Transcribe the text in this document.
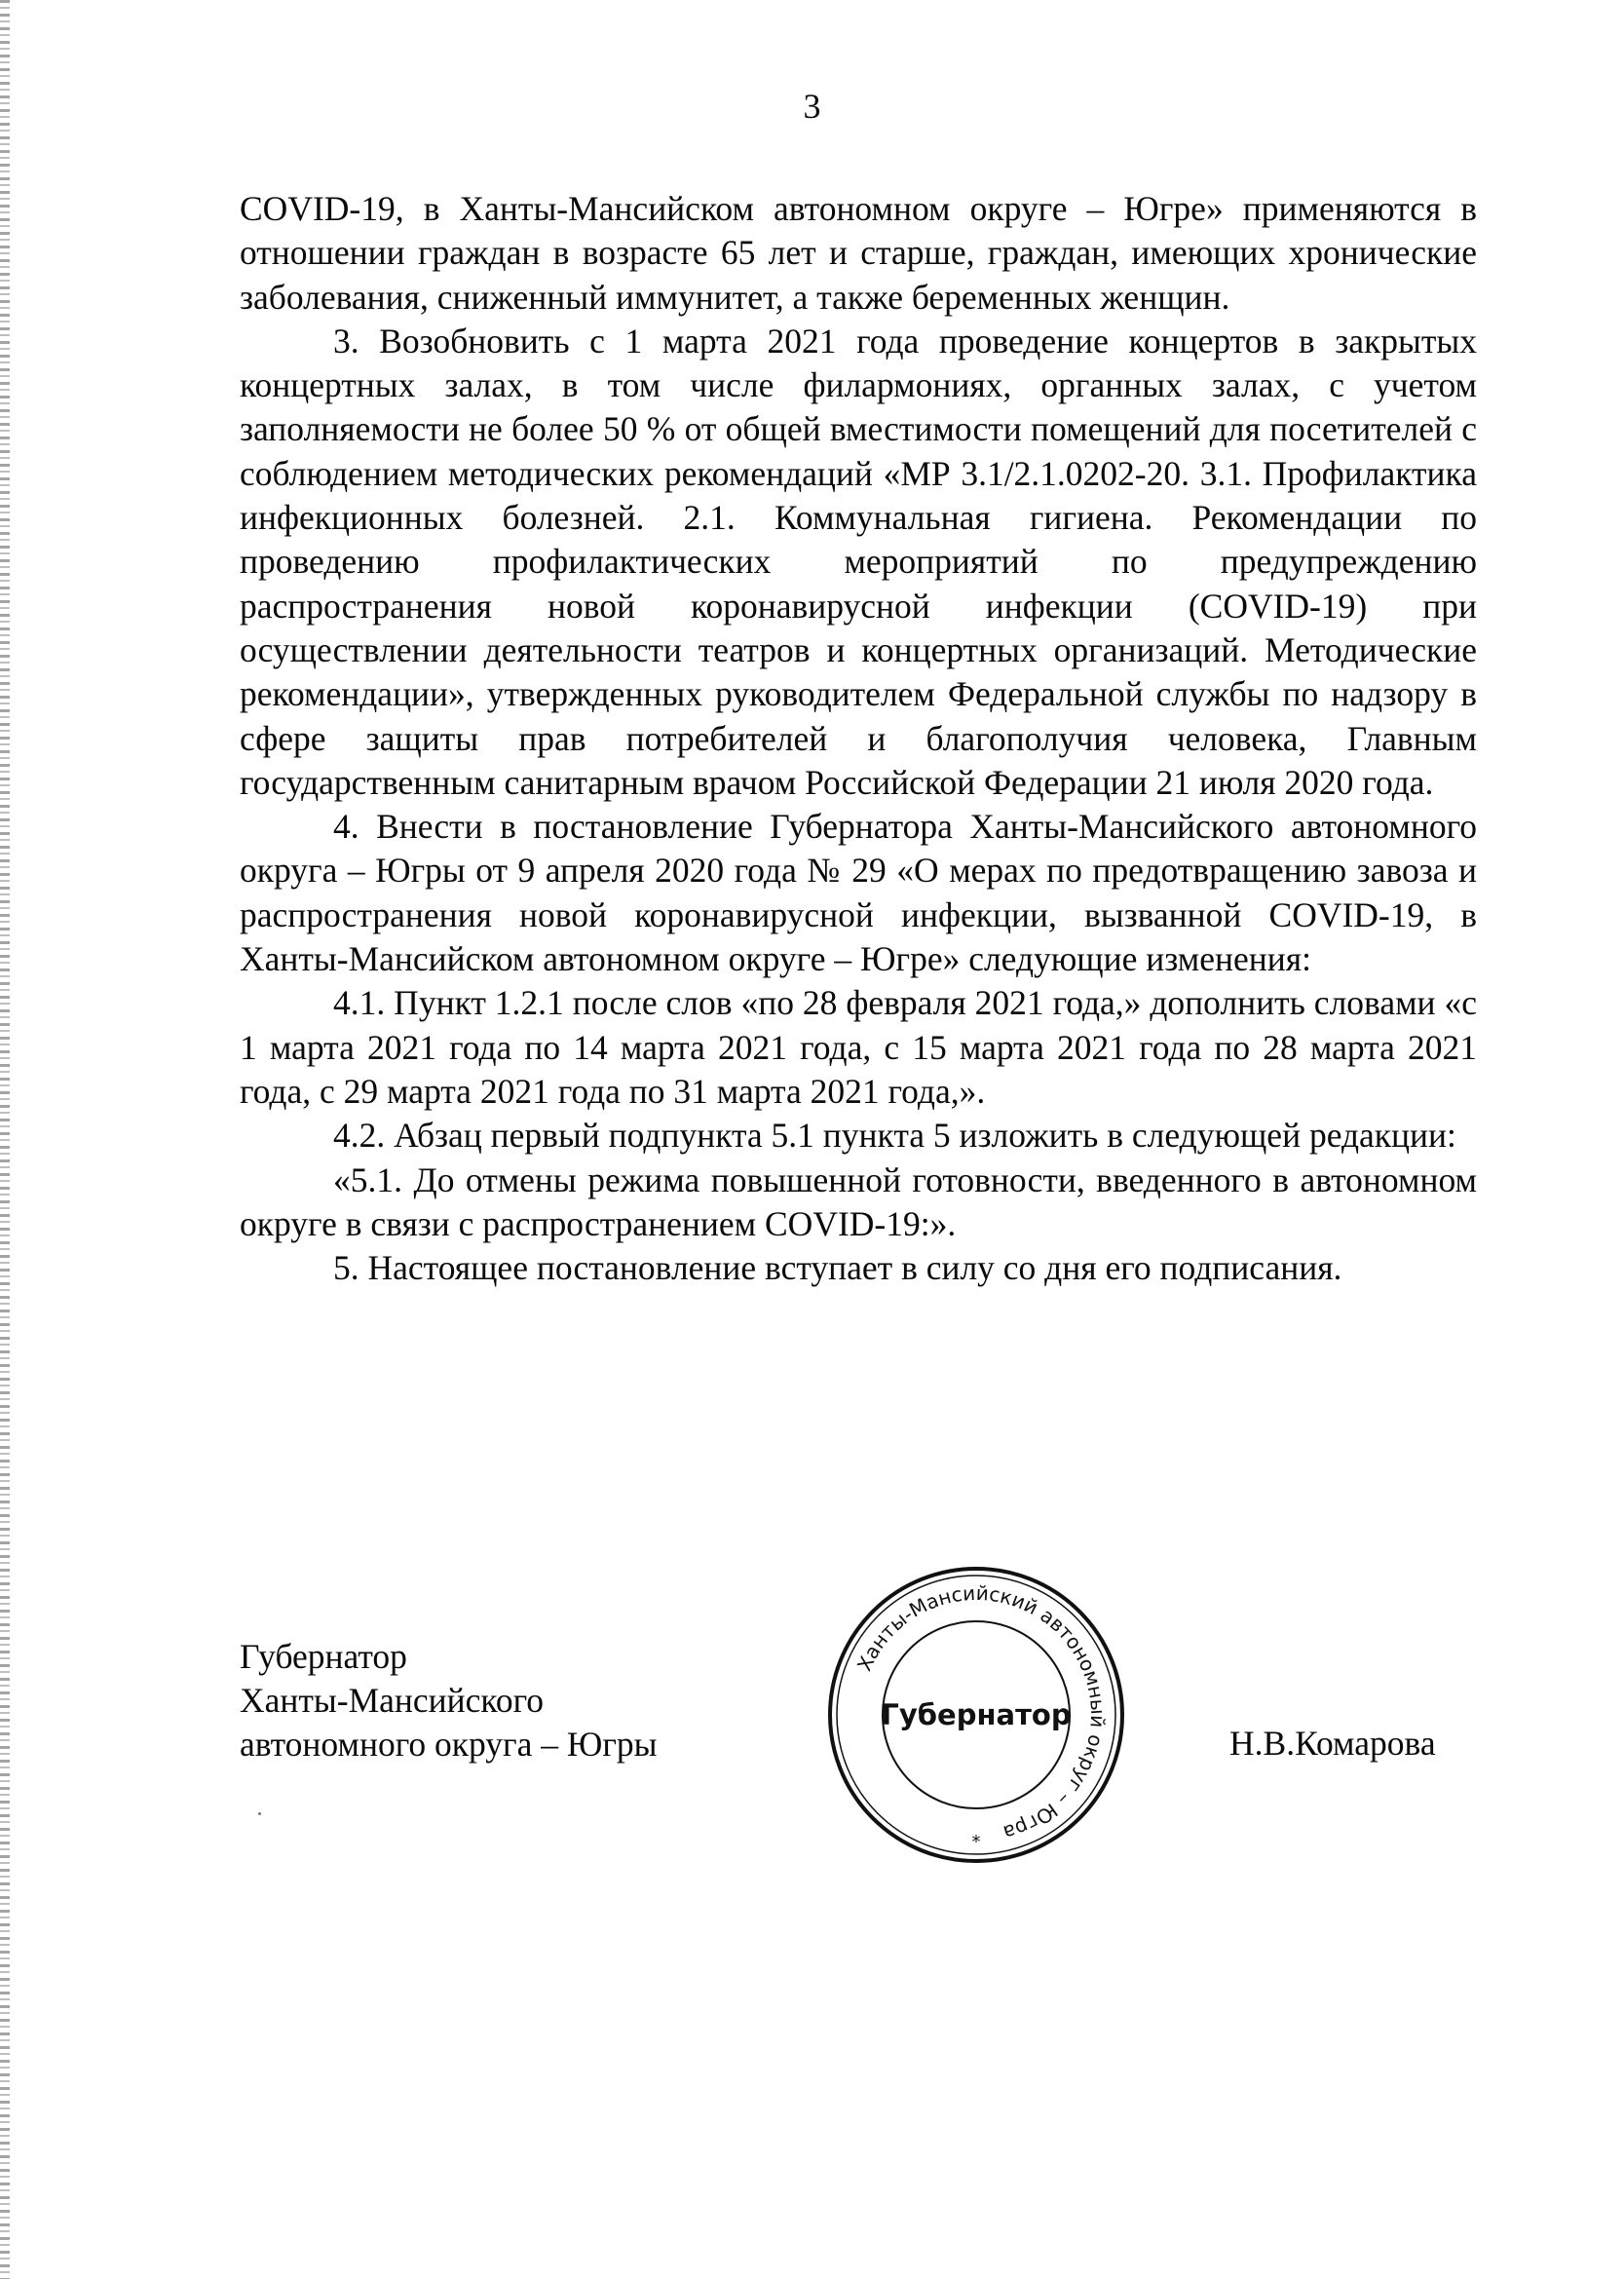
3

COVID-19, в Ханты-Мансийском автономном округе – Югре» применяются в отношении граждан в возрасте 65 лет и старше, граждан, имеющих хронические заболевания, сниженный иммунитет, а также беременных женщин.

3. Возобновить с 1 марта 2021 года проведение концертов в закрытых концертных залах, в том числе филармониях, органных залах, с учетом заполняемости не более 50 % от общей вместимости помещений для посетителей с соблюдением методических рекомендаций «МР 3.1/2.1.0202-20. 3.1. Профилактика инфекционных болезней. 2.1. Коммунальная гигиена. Рекомендации по проведению профилактических мероприятий по предупреждению распространения новой коронавирусной инфекции (COVID-19) при осуществлении деятельности театров и концертных организаций. Методические рекомендации», утвержденных руководителем Федеральной службы по надзору в сфере защиты прав потребителей и благополучия человека, Главным государственным санитарным врачом Российской Федерации 21 июля 2020 года.

4. Внести в постановление Губернатора Ханты-Мансийского автономного округа – Югры от 9 апреля 2020 года № 29 «О мерах по предотвращению завоза и распространения новой коронавирусной инфекции, вызванной COVID-19, в Ханты-Мансийском автономном округе – Югре» следующие изменения:

4.1. Пункт 1.2.1 после слов «по 28 февраля 2021 года,» дополнить словами «с 1 марта 2021 года по 14 марта 2021 года, с 15 марта 2021 года по 28 марта 2021 года, с 29 марта 2021 года по 31 марта 2021 года,».

4.2. Абзац первый подпункта 5.1 пункта 5 изложить в следующей редакции:

«5.1. До отмены режима повышенной готовности, введенного в автономном округе в связи с распространением COVID-19:».

5. Настоящее постановление вступает в силу со дня его подписания.

Губернатор
Ханты-Мансийского
автономного округа – Югры
Ханты-Мансийский автономный округ – Югра
Губернатор
*
Н.В.Комарова
